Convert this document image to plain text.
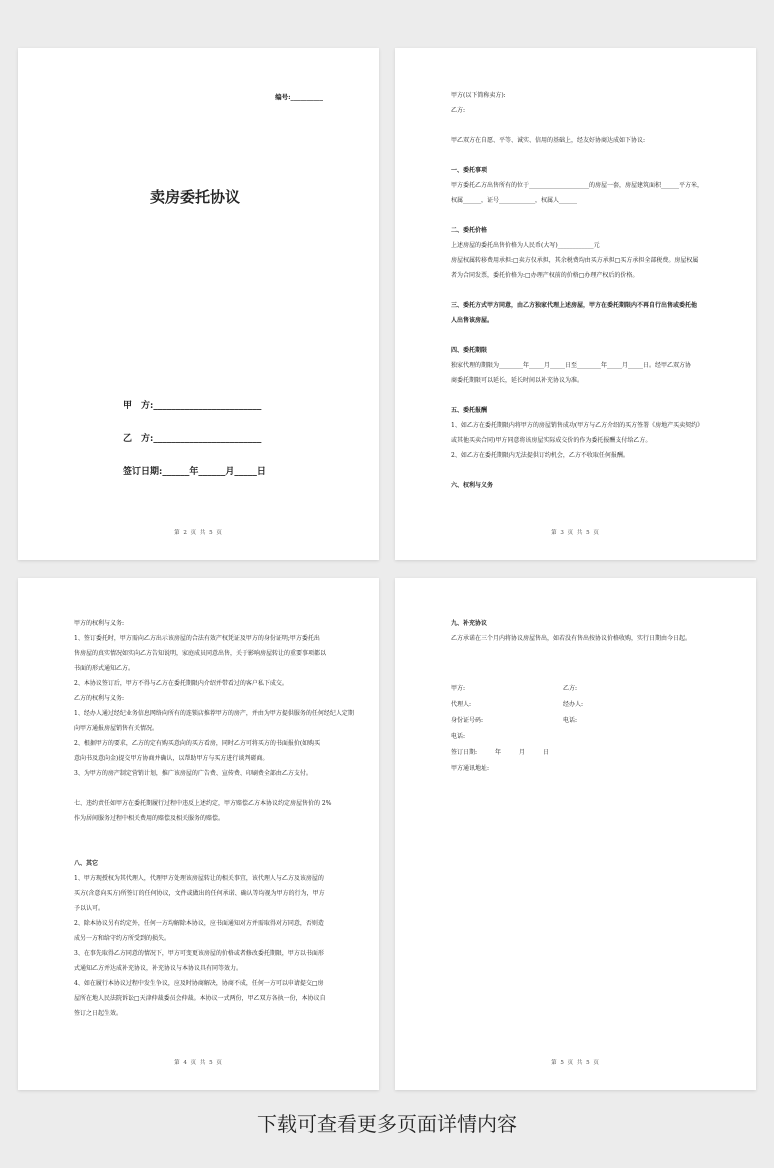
编号:__________
卖房委托协议
甲　方:________________________
乙　方:________________________
签订日期:______年______月_____日
第 2 页 共 5 页

甲方(以下简称卖方):

乙方:

甲乙双方在自愿、平等、诚实、信用的基础上，经友好协商达成如下协议:

一、委托事项

甲方委托乙方出售所有的位于____________________的房屋一套，房屋建筑面积______平方米，

权属______，证号____________，权属人______

二、委托价格

上述房屋的委托出售价格为人民币(大写)____________元

房屋权属转移费用承担:□卖方仅承担，其余税费均由买方承担□买方承担全部税费。房屋权属

者为合同发票，委托价格为:□办理产权前的价格□办理产权后的价格。

三、委托方式甲方同意，由乙方独家代理上述房屋，甲方在委托期限内不再自行出售或委托他

人出售该房屋。

四、委托期限

独家代理的期限为________年_____月_____日至________年_____月_____日。经甲乙双方协

商委托期限可以延长，延长时间以补充协议为准。

五、委托报酬

1、如乙方在委托期限内将甲方的房屋销售成功(甲方与乙方介绍的买方签署《房地产买卖契约》

或其他买卖合同)甲方同意将该房屋实际成交价的作为委托报酬支付给乙方。

2、如乙方在委托期限内无法提供订约机会，乙方不收取任何报酬。

六、权利与义务

第 3 页 共 5 页

甲方的权利与义务:

1、签订委托时，甲方需向乙方出示该房屋的合法有效产权凭证及甲方的身份证明;甲方委托出

售房屋的真实情况如实向乙方告知说明，家庭成员同意出售，关于影响房屋转让的重要事项都以

书面的形式通知乙方。

2、本协议签订后，甲方不得与乙方在委托期限内介绍并带看过的客户私下成交。

乙方的权利与义务:

1、经办人通过经纪业务信息网络向所有的连锁店推荐甲方的房产，并由为甲方提供服务的任何经纪人定期

向甲方通报房屋销售有关情况。

2、根据甲方的要求，乙方的定有购买意向的买方看房，同时乙方可将买方的书面报价(如购买

意向书及意向金)提交甲方协商并确认，以帮助甲方与买方进行谈判磋商。

3、为甲方的房产制定营销计划，推广该房屋的广告费、宣传费、印刷费全部由乙方支付。

七、违约责任如甲方在委托期履行过程中违反上述约定，甲方赔偿乙方本协议约定房屋售价的 2%

作为居间服务过程中相关费用的赔偿及相关服务的赔偿。

八、其它

1、甲方现授权为其代理人，代理甲方处理该房屋转让的相关事宜，该代理人与乙方及该房屋的

买方(含意向买方)所签订的任何协议，文件或做出的任何承诺、确认等均视为甲方的行为，甲方

予以认可。

2、除本协议另有约定外，任何一方均解除本协议，应书面通知对方并需取得对方同意，否则造

成另一方和给守约方所受到的损失。

3、在事先取得乙方同意的情况下，甲方可变更该房屋的价格或者修改委托期限，甲方以书面形

式通知乙方并达成补充协议，补充协议与本协议具有同等效力。

4、如在履行本协议过程中发生争议，应及时协商解决，协商不成，任何一方可以申请提交□房

屋所在地人民法院诉讼□天津仲裁委员会仲裁。本协议一式两份，甲乙双方各执一份，本协议自

签订之日起生效。

第 4 页 共 5 页

九、补充协议

乙方承诺在三个月内将协议房屋售出，如若没有售出按协议价格收购，实行日期由今日起。

甲方:	乙方:
代理人:	经办人:
身份证号码:	电话:
电话:
签订日期:　　　年　　　月　　　日
甲方通讯地址:
第 5 页 共 5 页
下载可查看更多页面详情内容
